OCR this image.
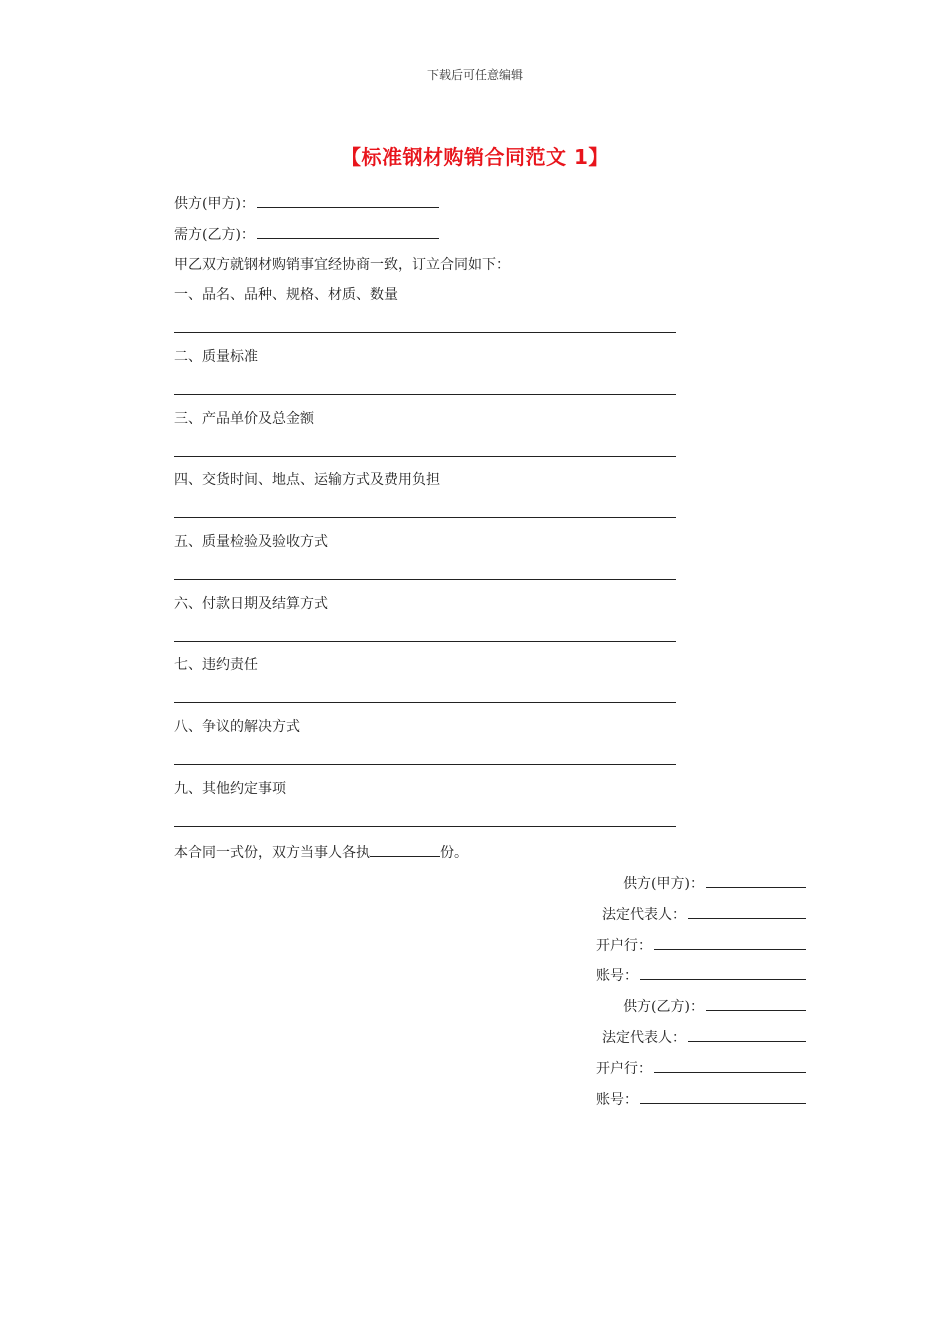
下载后可任意编辑
【标准钢材购销合同范文 1】
供方(甲方)：
需方(乙方)：
甲乙双方就钢材购销事宜经协商一致，订立合同如下：
一、品名、品种、规格、材质、数量
二、质量标准
三、产品单价及总金额
四、交货时间、地点、运输方式及费用负担
五、质量检验及验收方式
六、付款日期及结算方式
七、违约责任
八、争议的解决方式
九、其他约定事项
本合同一式份，双方当事人各执	份。
供方(甲方)：
法定代表人：
开户行：
账号：
供方(乙方)：
法定代表人：
开户行：
账号：
